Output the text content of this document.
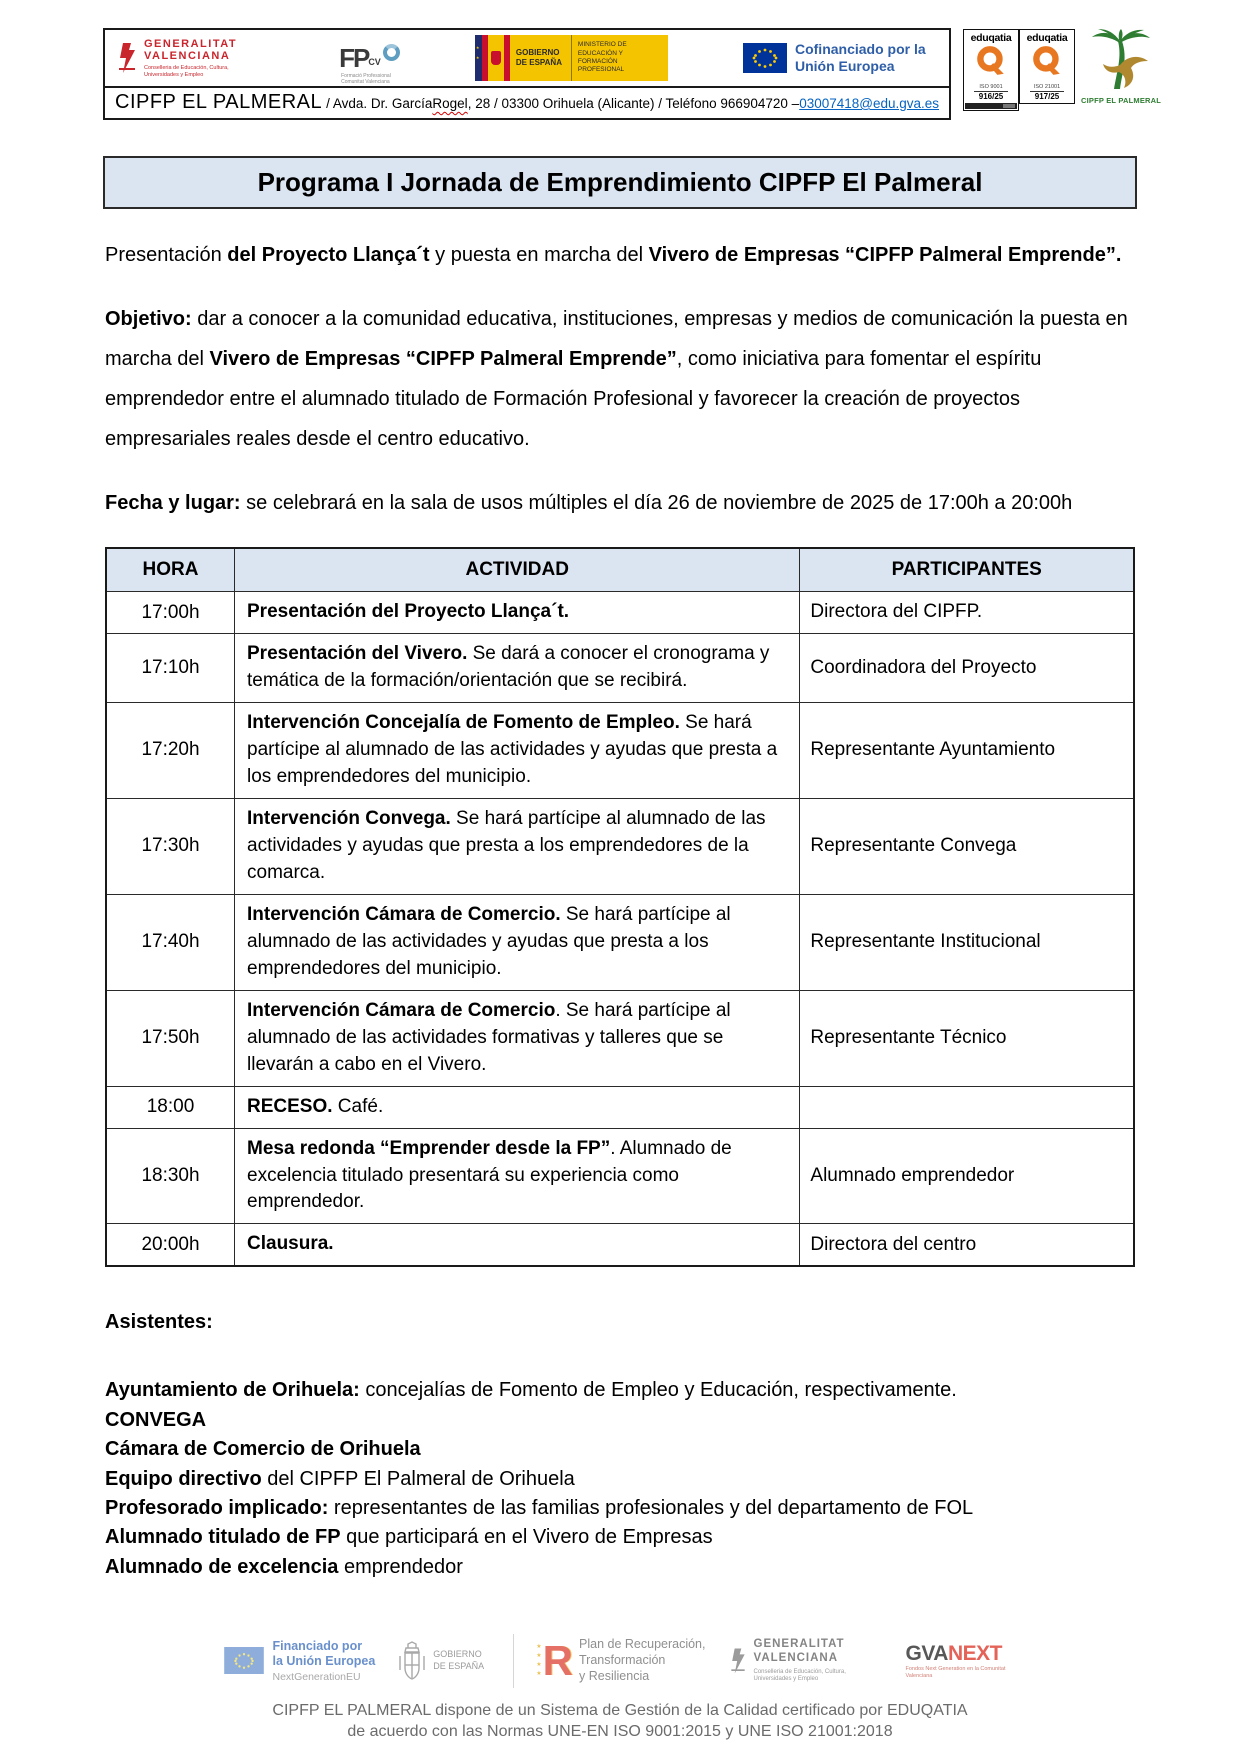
GENERALITAT
VALENCIANA
Conselleria de Educación, Cultura, Universidades y Empleo
FP CV
Formació Professional Comunitat Valenciana
★ ★
GOBIERNO DE ESPAÑA
MINISTERIO DE EDUCACIÓN Y FORMACIÓN PROFESIONAL
Cofinanciado por la Unión Europea
CIPFP EL PALMERAL / Avda. Dr. García Rogel , 28 / 03300 Orihuela (Alicante) / Teléfono 966904720 – 03007418@edu.gva.es
eduqatia
ISO 9001
916/25
eduqatia
ISO 21001
917/25	CIPFP EL PALMERAL
Programa I Jornada de Emprendimiento CIPFP El Palmeral

Presentación del Proyecto Llança´t y puesta en marcha del Vivero de Empresas “CIPFP Palmeral Emprende”.

Objetivo: dar a conocer a la comunidad educativa, instituciones, empresas y medios de comunicación la puesta en marcha del Vivero de Empresas “CIPFP Palmeral Emprende”, como iniciativa para fomentar el espíritu emprendedor entre el alumnado titulado de Formación Profesional y favorecer la creación de proyectos empresariales reales desde el centro educativo.

Fecha y lugar: se celebrará en la sala de usos múltiples el día 26 de noviembre de 2025 de 17:00h a 20:00h

HORA	ACTIVIDAD	PARTICIPANTES
17:00h	Presentación del Proyecto Llança´t.	Directora del CIPFP.
17:10h	Presentación del Vivero. Se dará a conocer el cronograma y temática de la formación/orientación que se recibirá.	Coordinadora del Proyecto
17:20h	Intervención Concejalía de Fomento de Empleo. Se hará partícipe al alumnado de las actividades y ayudas que presta a los emprendedores del municipio.	Representante Ayuntamiento
17:30h	Intervención Convega. Se hará partícipe al alumnado de las actividades y ayudas que presta a los emprendedores de la comarca.	Representante Convega
17:40h	Intervención Cámara de Comercio. Se hará partícipe al alumnado de las actividades y ayudas que presta a los emprendedores del municipio.	Representante Institucional
17:50h	Intervención Cámara de Comercio. Se hará partícipe al alumnado de las actividades formativas y talleres que se llevarán a cabo en el Vivero.	Representante Técnico
18:00	RECESO. Café.	
18:30h	Mesa redonda “Emprender desde la FP”. Alumnado de excelencia titulado presentará su experiencia como emprendedor.	Alumnado emprendedor
20:00h	Clausura.	Directora del centro
Asistentes:
Ayuntamiento de Orihuela: concejalías de Fomento de Empleo y Educación, respectivamente.
CONVEGA
Cámara de Comercio de Orihuela
Equipo directivo del CIPFP El Palmeral de Orihuela
Profesorado implicado: representantes de las familias profesionales y del departamento de FOL
Alumnado titulado de FP que participará en el Vivero de Empresas
Alumnado de excelencia emprendedor
Financiado por
la Unión Europea
NextGenerationEU
GOBIERNO DE ESPAÑA
★
★
★
★ R Plan de Recuperación,
Transformación
y Resiliencia
GENERALITAT
VALENCIANA
Conselleria de Educación, Cultura, Universidades y Empleo
GVANEXT
Fondos Next Generation en la Comunitat Valenciana
CIPFP EL PALMERAL dispone de un Sistema de Gestión de la Calidad certificado por EDUQATIA
de acuerdo con las Normas UNE-EN ISO 9001:2015 y UNE ISO 21001:2018
